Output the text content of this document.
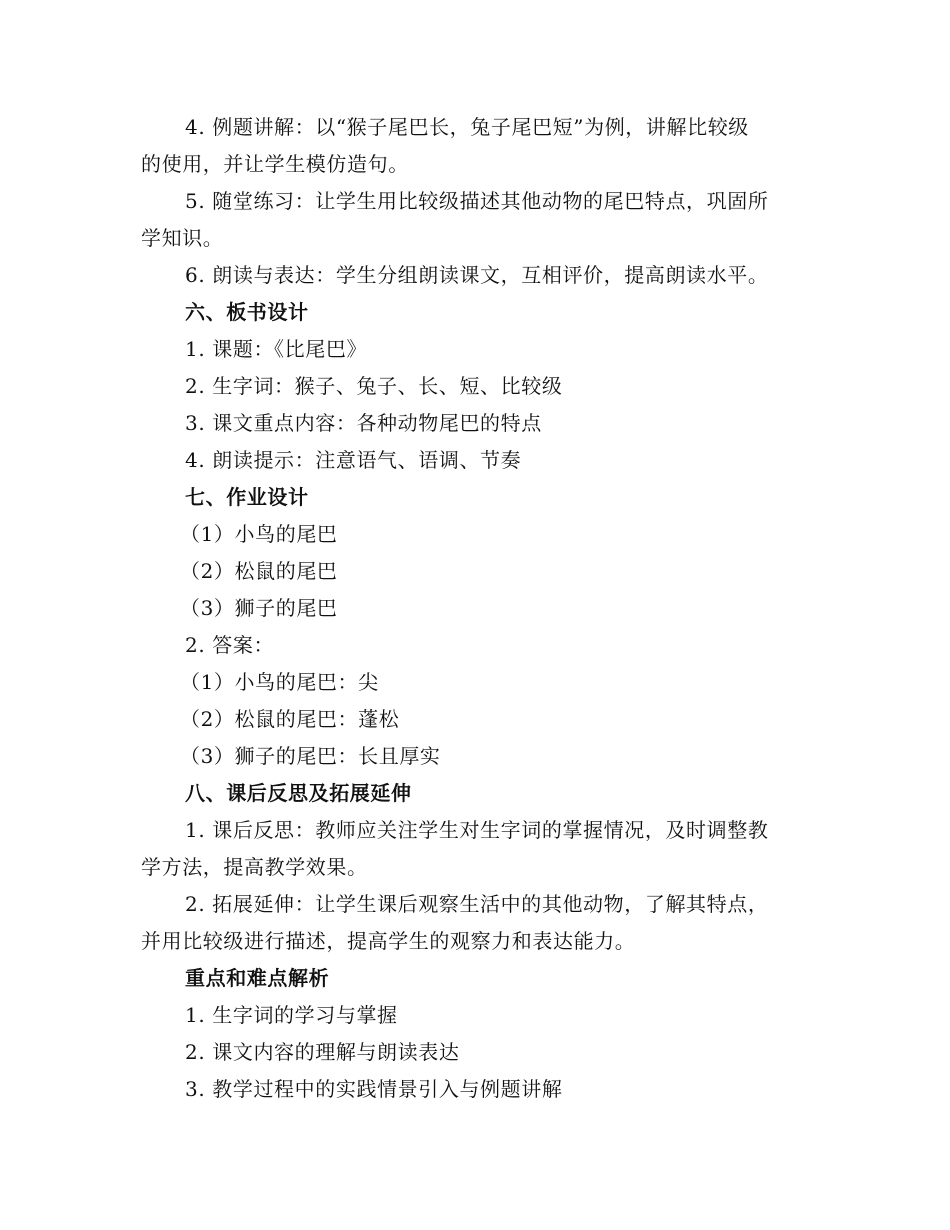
4. 例题讲解：以“猴子尾巴长，兔子尾巴短”为例，讲解比较级
的使用，并让学生模仿造句。
5. 随堂练习：让学生用比较级描述其他动物的尾巴特点，巩固所
学知识。
6. 朗读与表达：学生分组朗读课文，互相评价，提高朗读水平。
六、板书设计
1. 课题：《比尾巴》
2. 生字词：猴子、兔子、长、短、比较级
3. 课文重点内容：各种动物尾巴的特点
4. 朗读提示：注意语气、语调、节奏
七、作业设计
（1）小鸟的尾巴
（2）松鼠的尾巴
（3）狮子的尾巴
2. 答案：
（1）小鸟的尾巴：尖
（2）松鼠的尾巴：蓬松
（3）狮子的尾巴：长且厚实
八、课后反思及拓展延伸
1. 课后反思：教师应关注学生对生字词的掌握情况，及时调整教
学方法，提高教学效果。
2. 拓展延伸：让学生课后观察生活中的其他动物，了解其特点，
并用比较级进行描述，提高学生的观察力和表达能力。
重点和难点解析
1. 生字词的学习与掌握
2. 课文内容的理解与朗读表达
3. 教学过程中的实践情景引入与例题讲解
